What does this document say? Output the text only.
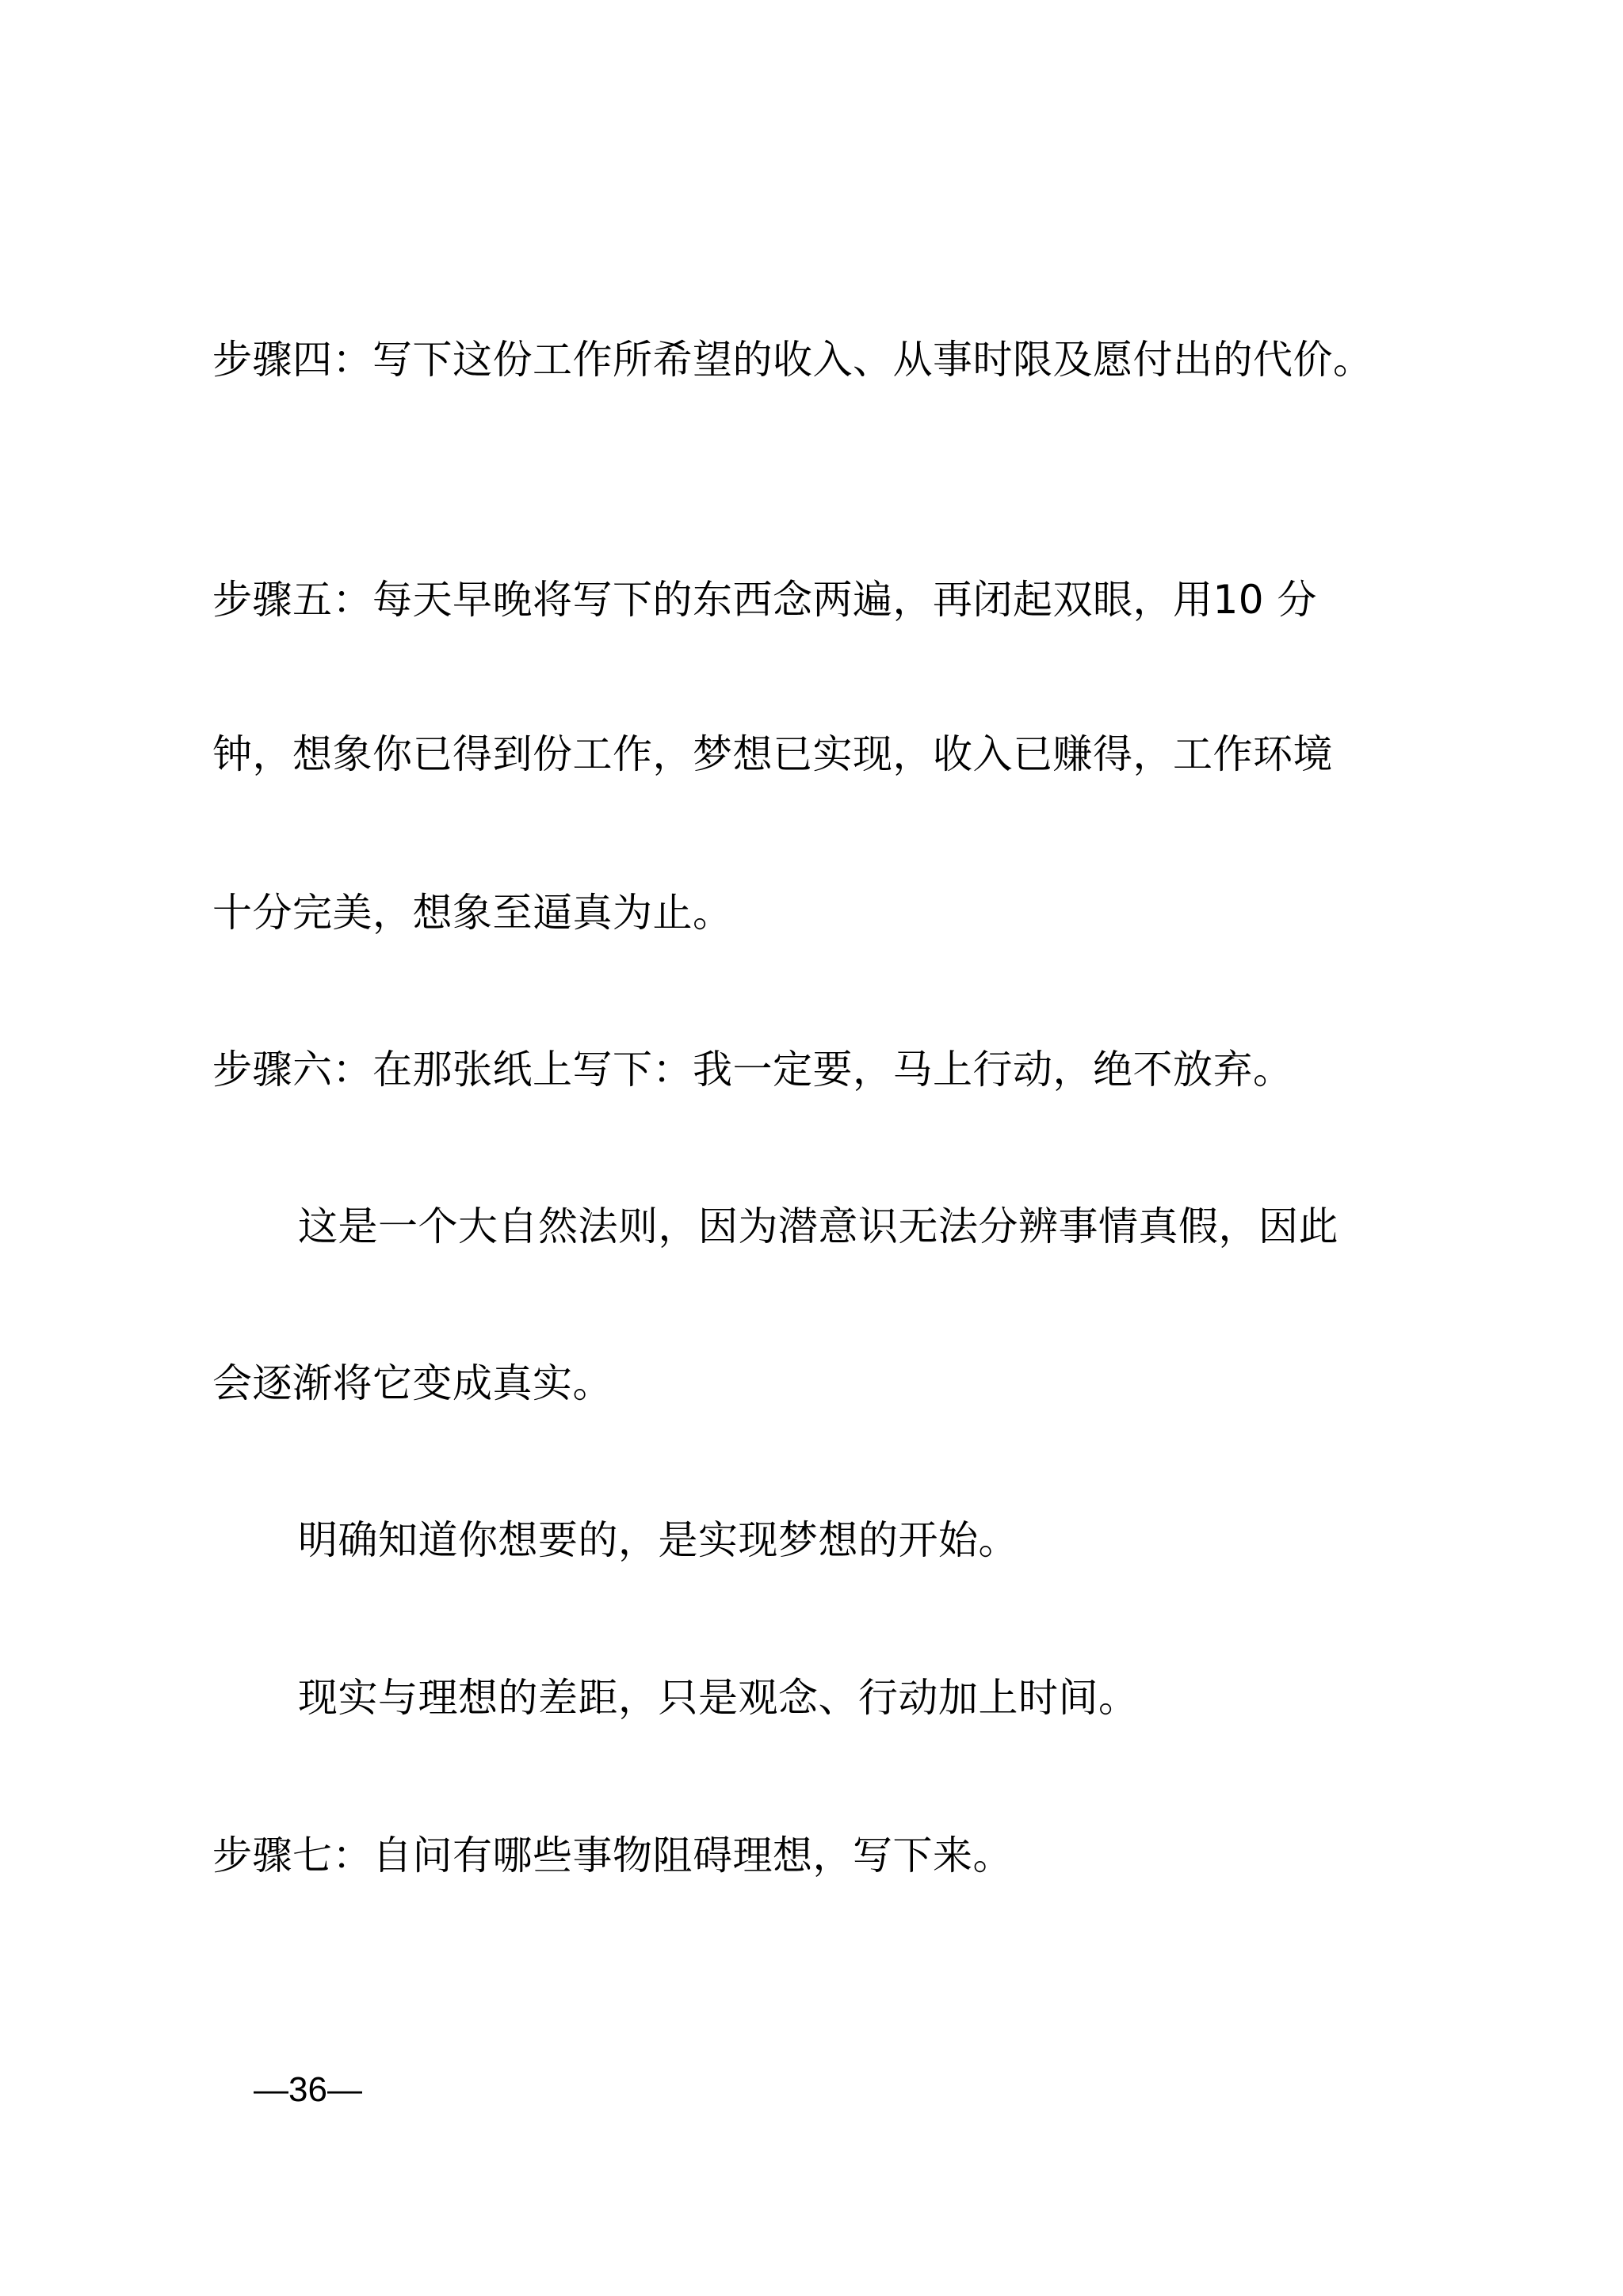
步骤四：写下这份工作所希望的收入、从事时限及愿付出的代价。
步骤五：每天早晚将写下的东西念两遍，再闭起双眼，用10 分
钟，想象你已得到份工作，梦想已实现，收入已赚得，工作环境
十分完美，想象至逼真为止。
步骤六：在那张纸上写下：我一定要，马上行动，绝不放弃。
这是一个大自然法则，因为潜意识无法分辨事情真假，因此
会逐渐将它变成真实。
明确知道你想要的，是实现梦想的开始。
现实与理想的差距，只是观念、行动加上时间。
步骤七：自问有哪些事物阻碍理想，写下来。
—36—
